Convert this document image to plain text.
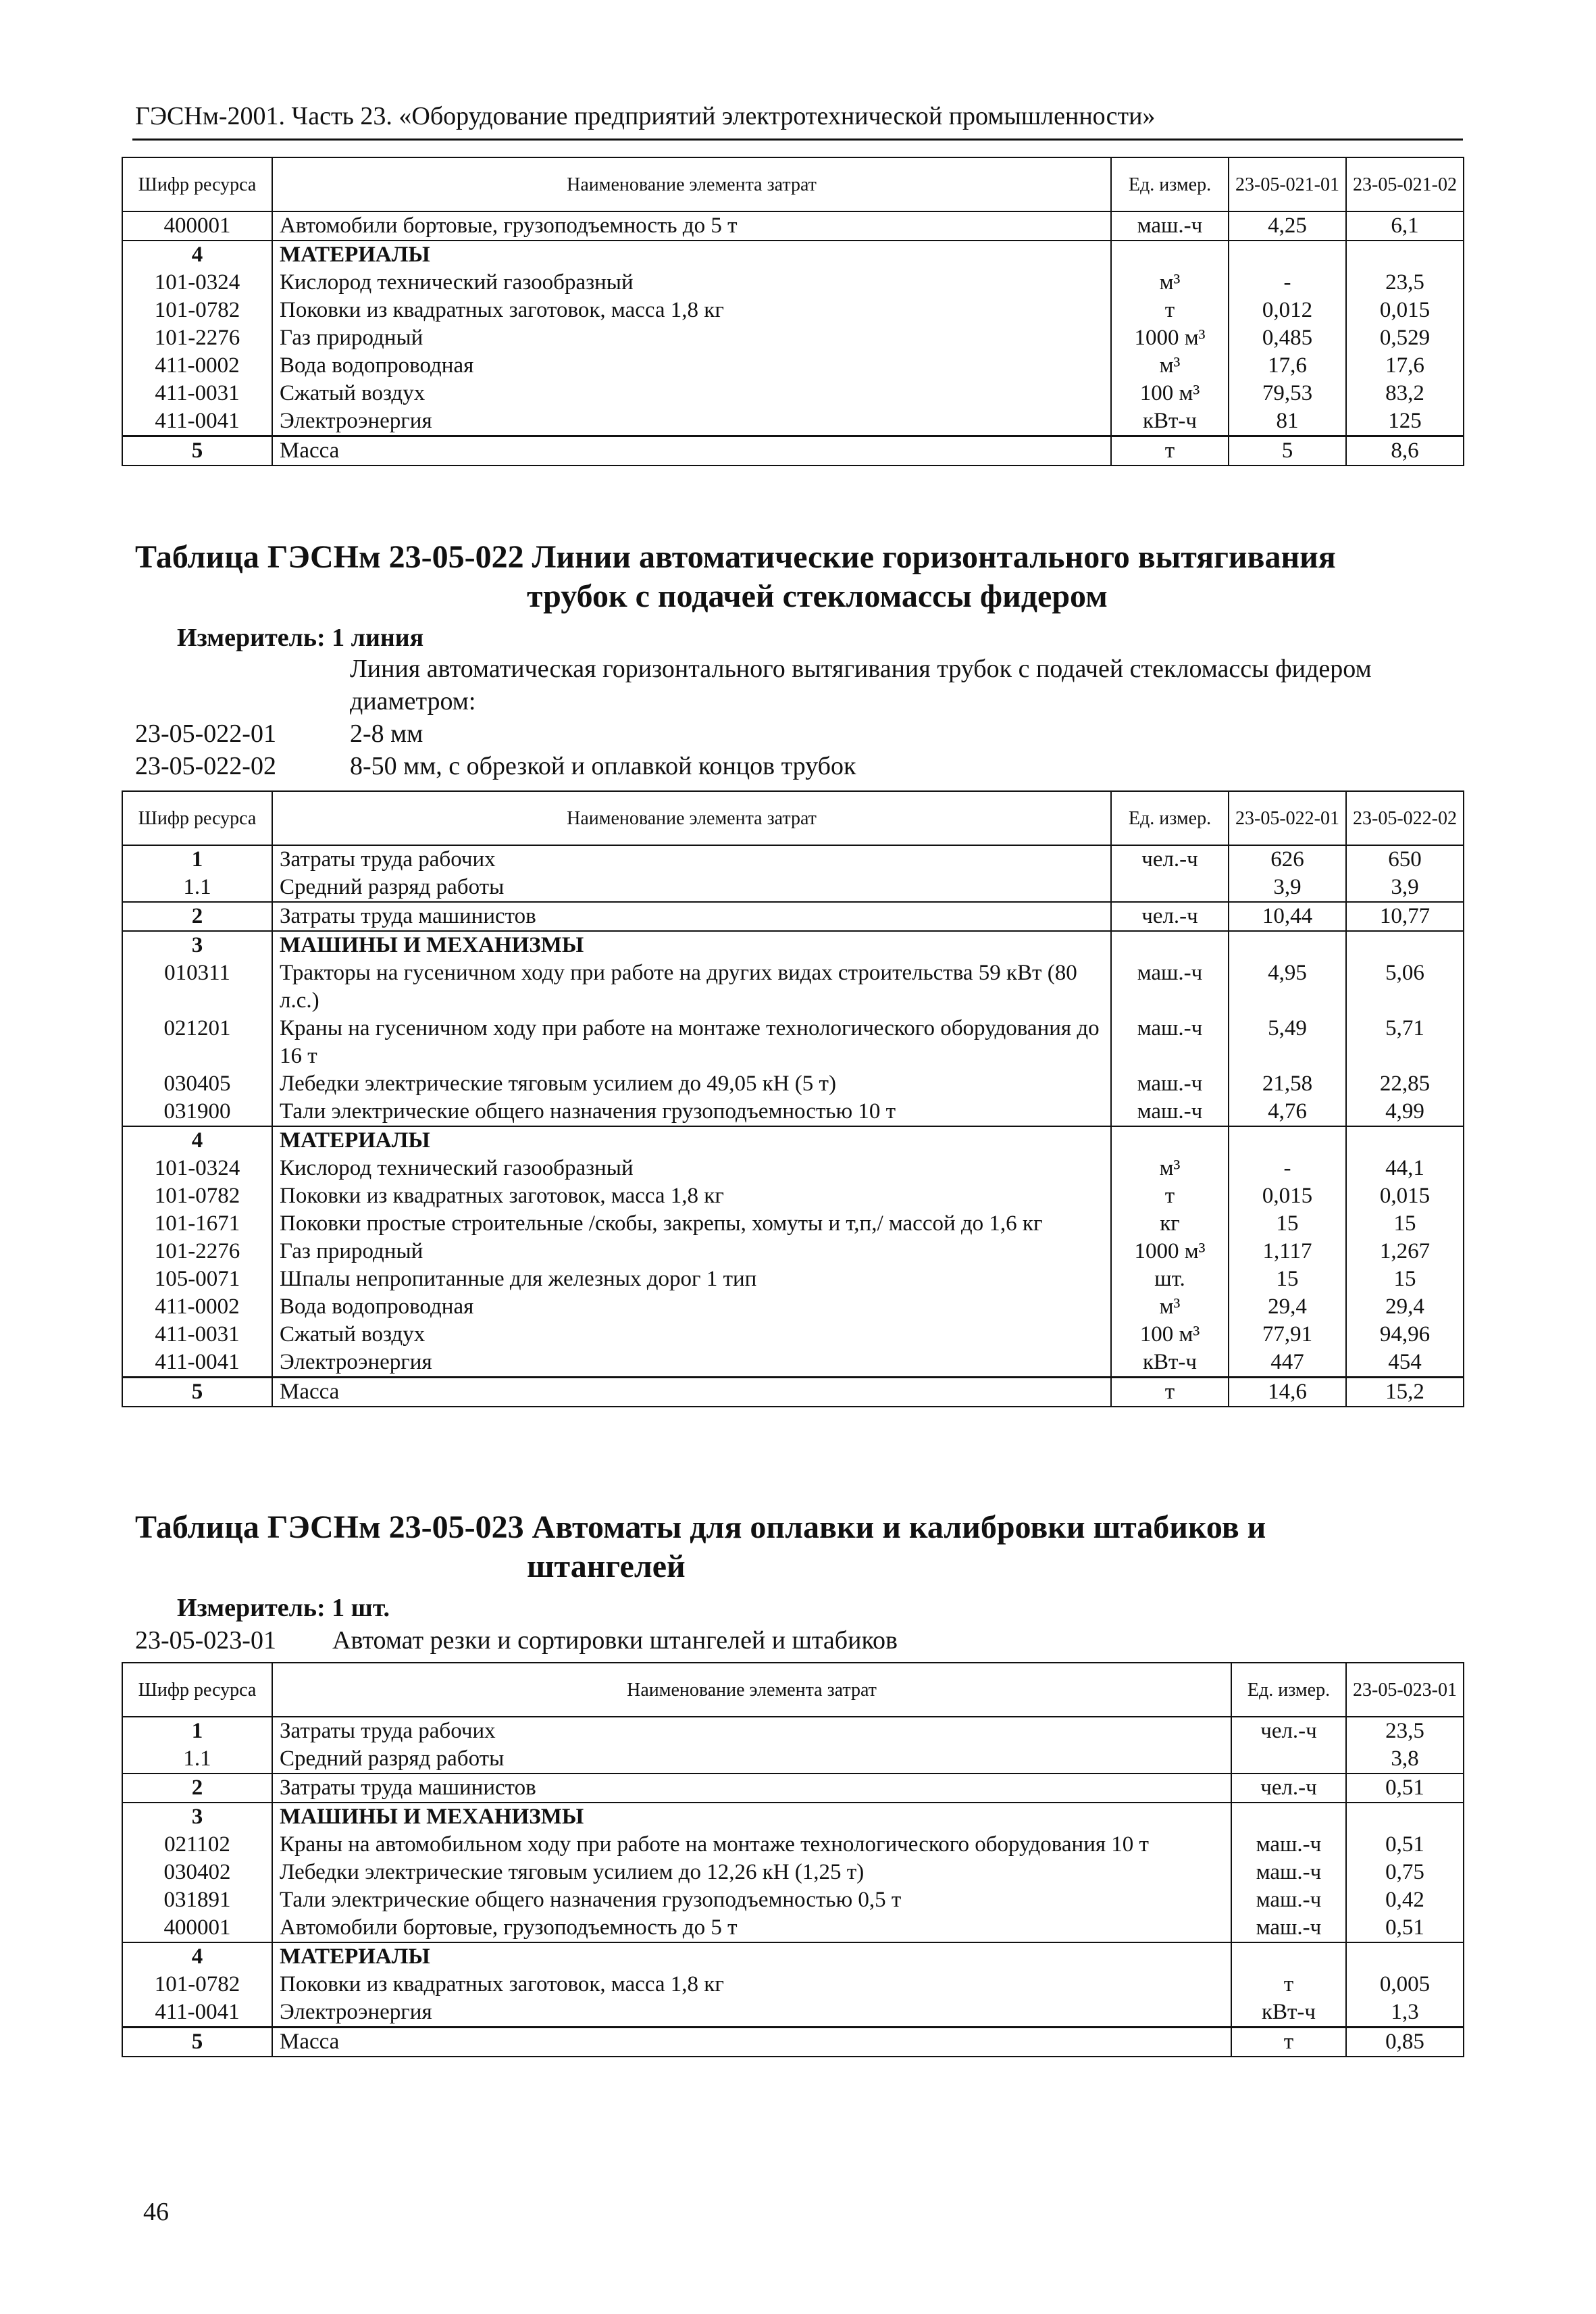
ГЭСНм-2001. Часть 23. «Оборудование предприятий электротехнической промышленности»
Шифр ресурса	Наименование элемента затрат	Ед. измер.	23-05-021-01	23-05-021-02
400001	Автомобили бортовые, грузоподъемность до 5 т	маш.-ч	4,25	6,1
4	МАТЕРИАЛЫ			
101-0324	Кислород технический газообразный	м³	-	23,5
101-0782	Поковки из квадратных заготовок, масса 1,8 кг	т	0,012	0,015
101-2276	Газ природный	1000 м³	0,485	0,529
411-0002	Вода водопроводная	м³	17,6	17,6
411-0031	Сжатый воздух	100 м³	79,53	83,2
411-0041	Электроэнергия	кВт-ч	81	125
5	Масса	т	5	8,6
Таблица ГЭСНм 23-05-022 Линии автоматические горизонтального вытягивания
трубок с подачей стекломассы фидером
Измеритель: 1 линия
Линия автоматическая горизонтального вытягивания трубок с подачей стекломассы фидером
диаметром:
23-05-022-01	2-8 мм
23-05-022-02	8-50 мм, с обрезкой и оплавкой концов трубок
Шифр ресурса	Наименование элемента затрат	Ед. измер.	23-05-022-01	23-05-022-02
1	Затраты труда рабочих	чел.-ч	626	650
1.1	Средний разряд работы		3,9	3,9
2	Затраты труда машинистов	чел.-ч	10,44	10,77
3	МАШИНЫ И МЕХАНИЗМЫ			
010311	Тракторы на гусеничном ходу при работе на других видах строительства 59 кВт (80 л.с.)	маш.-ч	4,95	5,06
021201	Краны на гусеничном ходу при работе на монтаже технологического оборудования до 16 т	маш.-ч	5,49	5,71
030405	Лебедки электрические тяговым усилием до 49,05 кН (5 т)	маш.-ч	21,58	22,85
031900	Тали электрические общего назначения грузоподъемностью 10 т	маш.-ч	4,76	4,99
4	МАТЕРИАЛЫ			
101-0324	Кислород технический газообразный	м³	-	44,1
101-0782	Поковки из квадратных заготовок, масса 1,8 кг	т	0,015	0,015
101-1671	Поковки простые строительные /скобы, закрепы, хомуты и т,п,/ массой до 1,6 кг	кг	15	15
101-2276	Газ природный	1000 м³	1,117	1,267
105-0071	Шпалы непропитанные для железных дорог 1 тип	шт.	15	15
411-0002	Вода водопроводная	м³	29,4	29,4
411-0031	Сжатый воздух	100 м³	77,91	94,96
411-0041	Электроэнергия	кВт-ч	447	454
5	Масса	т	14,6	15,2
Таблица ГЭСНм 23-05-023 Автоматы для оплавки и калибровки штабиков и
штангелей
Измеритель: 1 шт.
23-05-023-01 Автомат резки и сортировки штангелей и штабиков
Шифр ресурса	Наименование элемента затрат	Ед. измер.	23-05-023-01
1	Затраты труда рабочих	чел.-ч	23,5
1.1	Средний разряд работы		3,8
2	Затраты труда машинистов	чел.-ч	0,51
3	МАШИНЫ И МЕХАНИЗМЫ		
021102	Краны на автомобильном ходу при работе на монтаже технологического оборудования 10 т	маш.-ч	0,51
030402	Лебедки электрические тяговым усилием до 12,26 кН (1,25 т)	маш.-ч	0,75
031891	Тали электрические общего назначения грузоподъемностью 0,5 т	маш.-ч	0,42
400001	Автомобили бортовые, грузоподъемность до 5 т	маш.-ч	0,51
4	МАТЕРИАЛЫ		
101-0782	Поковки из квадратных заготовок, масса 1,8 кг	т	0,005
411-0041	Электроэнергия	кВт-ч	1,3
5	Масса	т	0,85
46
